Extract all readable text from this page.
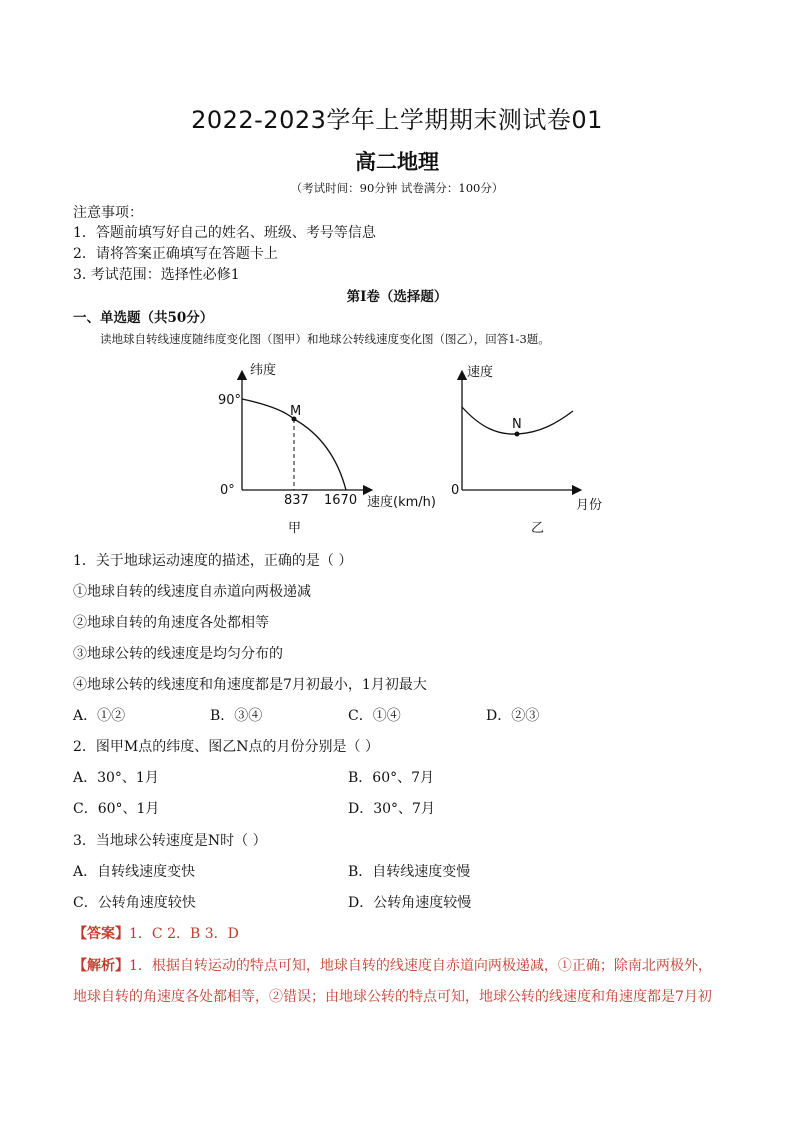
2022-2023学年上学期期末测试卷01
高二地理
（考试时间：90分钟 试卷满分：100分）
注意事项：
1．答题前填写好自己的姓名、班级、考号等信息
2．请将答案正确填写在答题卡上
3. 考试范围：选择性必修1
第Ⅰ卷（选择题）
一、单选题（共50分）
读地球自转线速度随纬度变化图（图甲）和地球公转线速度变化图（图乙），回答1-3题。
纬度
90°
M
0°
837 1670 速度(km/h)
甲
速度
N
0
月份
乙
1．关于地球运动速度的描述，正确的是（ ）
①地球自转的线速度自赤道向两极递减
②地球自转的角速度各处都相等
③地球公转的线速度是均匀分布的
④地球公转的线速度和角速度都是7月初最小，1月初最大
A．①②	B．③④	C．①④	D．②③
2．图甲M点的纬度、图乙N点的月份分别是（ ）
A．30°、1月	B．60°、7月
C．60°、1月	D．30°、7月
3．当地球公转速度是N时（ ）
A．自转线速度变快	B．自转线速度变慢
C．公转角速度较快	D．公转角速度较慢
【答案】1．C 2．B 3．D
【解析】1．根据自转运动的特点可知，地球自转的线速度自赤道向两极递减，①正确；除南北两极外，
地球自转的角速度各处都相等，②错误；由地球公转的特点可知，地球公转的线速度和角速度都是7月初
